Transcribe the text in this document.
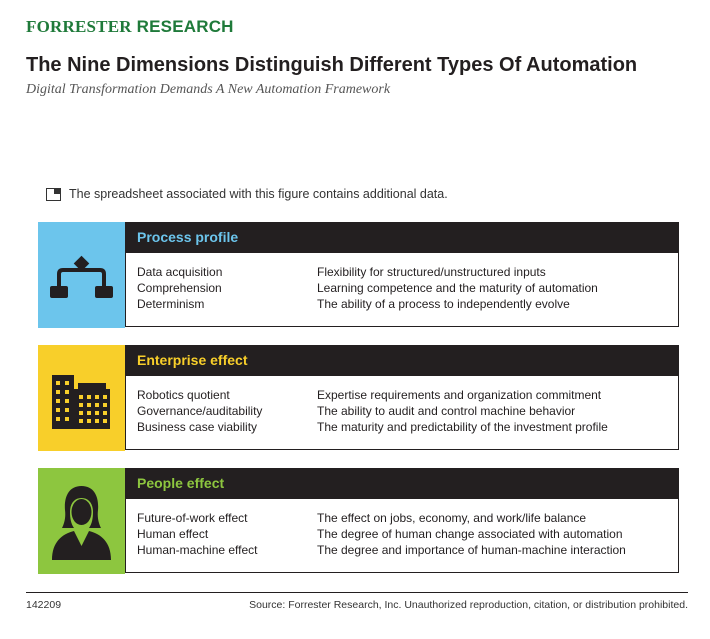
FORRESTER RESEARCH
The Nine Dimensions Distinguish Different Types Of Automation
Digital Transformation Demands A New Automation Framework
The spreadsheet associated with this figure contains additional data.
Process profile
Data acquisition	Flexibility for structured/unstructured inputs
Comprehension	Learning competence and the maturity of automation
Determinism	The ability of a process to independently evolve
Enterprise effect
Robotics quotient	Expertise requirements and organization commitment
Governance/auditability	The ability to audit and control machine behavior
Business case viability	The maturity and predictability of the investment profile
People effect
Future-of-work effect	The effect on jobs, economy, and work/life balance
Human effect	The degree of human change associated with automation
Human-machine effect	The degree and importance of human-machine interaction
142209	Source: Forrester Research, Inc. Unauthorized reproduction, citation, or distribution prohibited.
